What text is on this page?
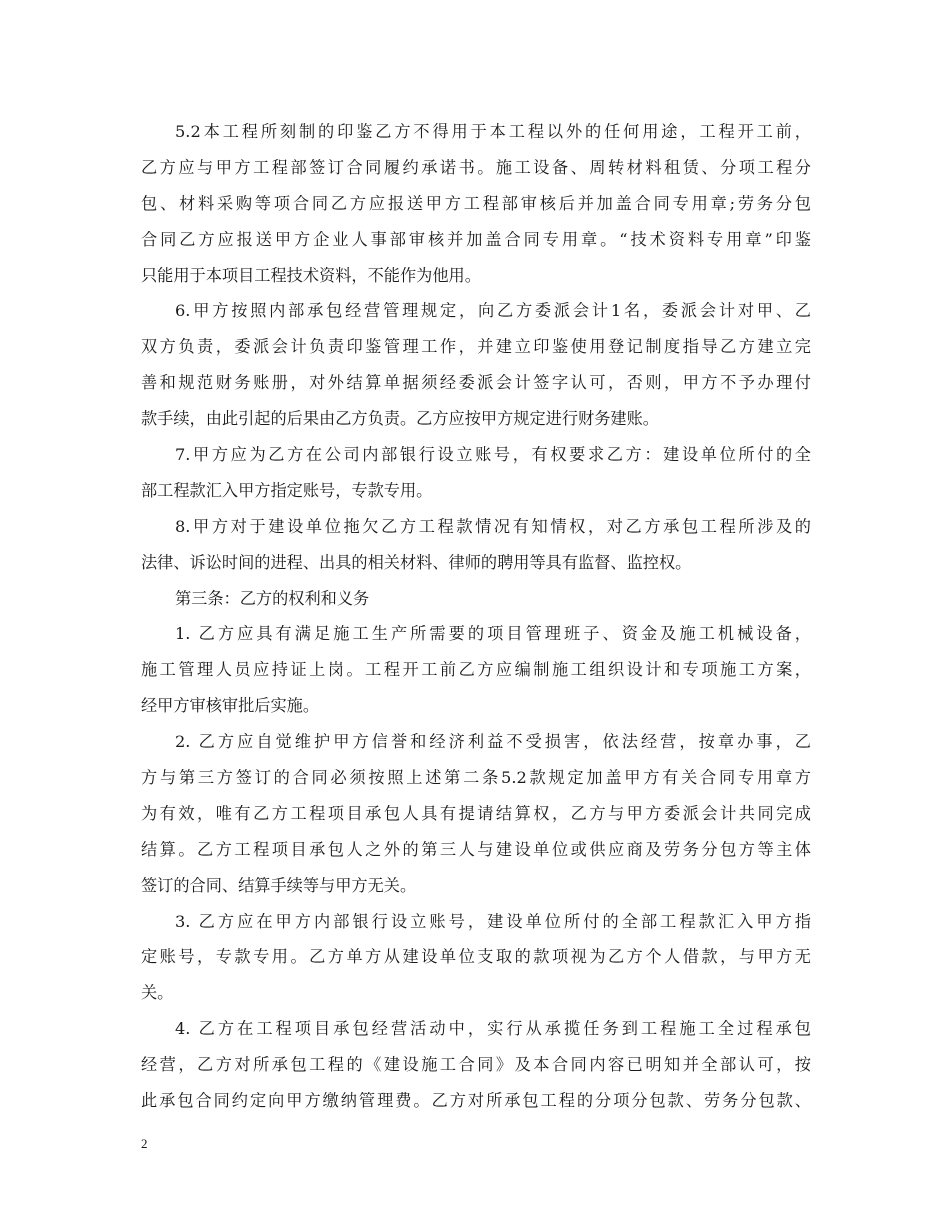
5.2本工程所刻制的印鉴乙方不得用于本工程以外的任何用途，工程开工前，
乙方应与甲方工程部签订合同履约承诺书。施工设备、周转材料租赁、分项工程分
包、材料采购等项合同乙方应报送甲方工程部审核后并加盖合同专用章;劳务分包
合同乙方应报送甲方企业人事部审核并加盖合同专用章。“技术资料专用章”印鉴
只能用于本项目工程技术资料，不能作为他用。
6.甲方按照内部承包经营管理规定，向乙方委派会计1名，委派会计对甲、乙
双方负责，委派会计负责印鉴管理工作，并建立印鉴使用登记制度指导乙方建立完
善和规范财务账册，对外结算单据须经委派会计签字认可，否则，甲方不予办理付
款手续，由此引起的后果由乙方负责。乙方应按甲方规定进行财务建账。
7.甲方应为乙方在公司内部银行设立账号，有权要求乙方：建设单位所付的全
部工程款汇入甲方指定账号，专款专用。
8.甲方对于建设单位拖欠乙方工程款情况有知情权，对乙方承包工程所涉及的
法律、诉讼时间的进程、出具的相关材料、律师的聘用等具有监督、监控权。
第三条：乙方的权利和义务
1. 乙方应具有满足施工生产所需要的项目管理班子、资金及施工机械设备，
施工管理人员应持证上岗。工程开工前乙方应编制施工组织设计和专项施工方案，
经甲方审核审批后实施。
2. 乙方应自觉维护甲方信誉和经济利益不受损害，依法经营，按章办事，乙
方与第三方签订的合同必须按照上述第二条5.2款规定加盖甲方有关合同专用章方
为有效，唯有乙方工程项目承包人具有提请结算权，乙方与甲方委派会计共同完成
结算。乙方工程项目承包人之外的第三人与建设单位或供应商及劳务分包方等主体
签订的合同、结算手续等与甲方无关。
3. 乙方应在甲方内部银行设立账号，建设单位所付的全部工程款汇入甲方指
定账号，专款专用。乙方单方从建设单位支取的款项视为乙方个人借款，与甲方无
关。
4. 乙方在工程项目承包经营活动中，实行从承揽任务到工程施工全过程承包
经营，乙方对所承包工程的《建设施工合同》及本合同内容已明知并全部认可，按
此承包合同约定向甲方缴纳管理费。乙方对所承包工程的分项分包款、劳务分包款、
2
